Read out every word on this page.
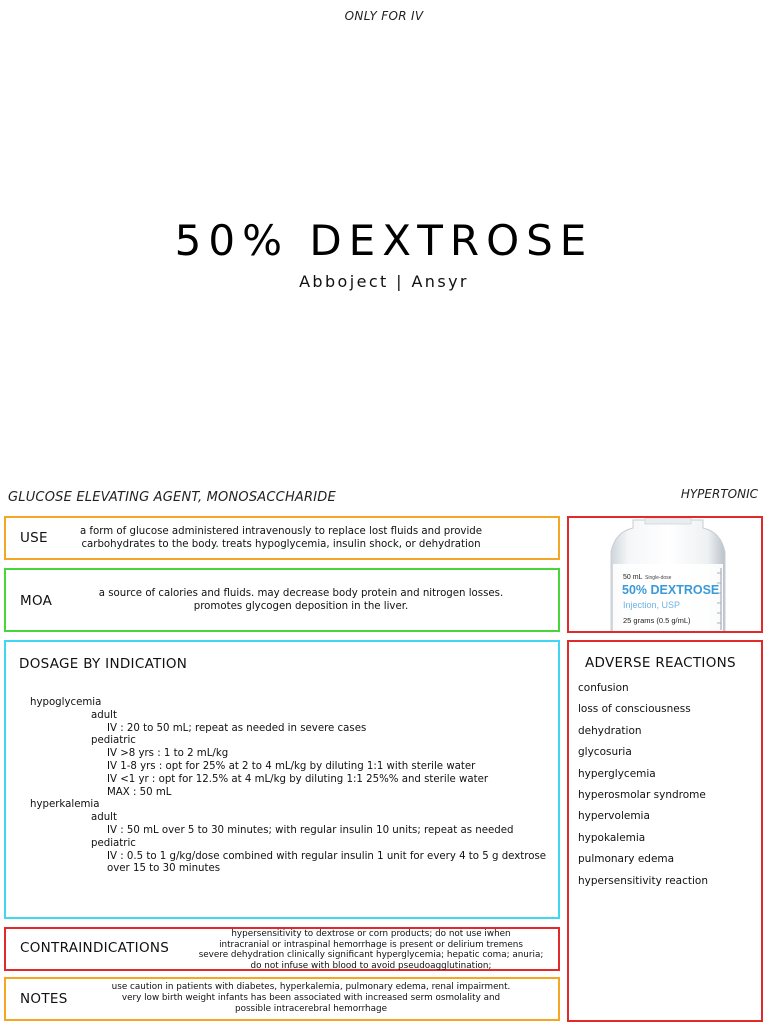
ONLY FOR IV
50% DEXTROSE
Abboject | Ansyr
GLUCOSE ELEVATING AGENT, MONOSACCHARIDE	HYPERTONIC
USE	a form of glucose administered intravenously to replace lost fluids and provide
carbohydrates to the body. treats hypoglycemia, insulin shock, or dehydration
MOA	a source of calories and fluids. may decrease body protein and nitrogen losses.
promotes glycogen deposition in the liver.
DOSAGE BY INDICATION
hypoglycemia
adult
IV : 20 to 50 mL; repeat as needed in severe cases
pediatric
IV >8 yrs : 1 to 2 mL/kg
IV 1-8 yrs : opt for 25% at 2 to 4 mL/kg by diluting 1:1 with sterile water
IV <1 yr : opt for 12.5% at 4 mL/kg by diluting 1:1 25%% and sterile water
MAX : 50 mL
hyperkalemia
adult
IV : 50 mL over 5 to 30 minutes; with regular insulin 10 units; repeat as needed
pediatric
IV : 0.5 to 1 g/kg/dose combined with regular insulin 1 unit for every 4 to 5 g dextrose
over 15 to 30 minutes
CONTRAINDICATIONS
hypersensitivity to dextrose or corn products; do not use iwhen
intracranial or intraspinal hemorrhage is present or delirium tremens
severe dehydration clinically significant hyperglycemia; hepatic coma; anuria;
do not infuse with blood to avoid pseudoagglutination;
NOTES
use caution in patients with diabetes, hyperkalemia, pulmonary edema, renal impairment.
very low birth weight infants has been associated with increased serm osmolality and
possible intracerebral hemorrhage
50 mL Single-dose
50% DEXTROSE
Injection, USP
25 grams (0.5 g/mL)
ADVERSE REACTIONS
confusion
loss of consciousness
dehydration
glycosuria
hyperglycemia
hyperosmolar syndrome
hypervolemia
hypokalemia
pulmonary edema
hypersensitivity reaction
